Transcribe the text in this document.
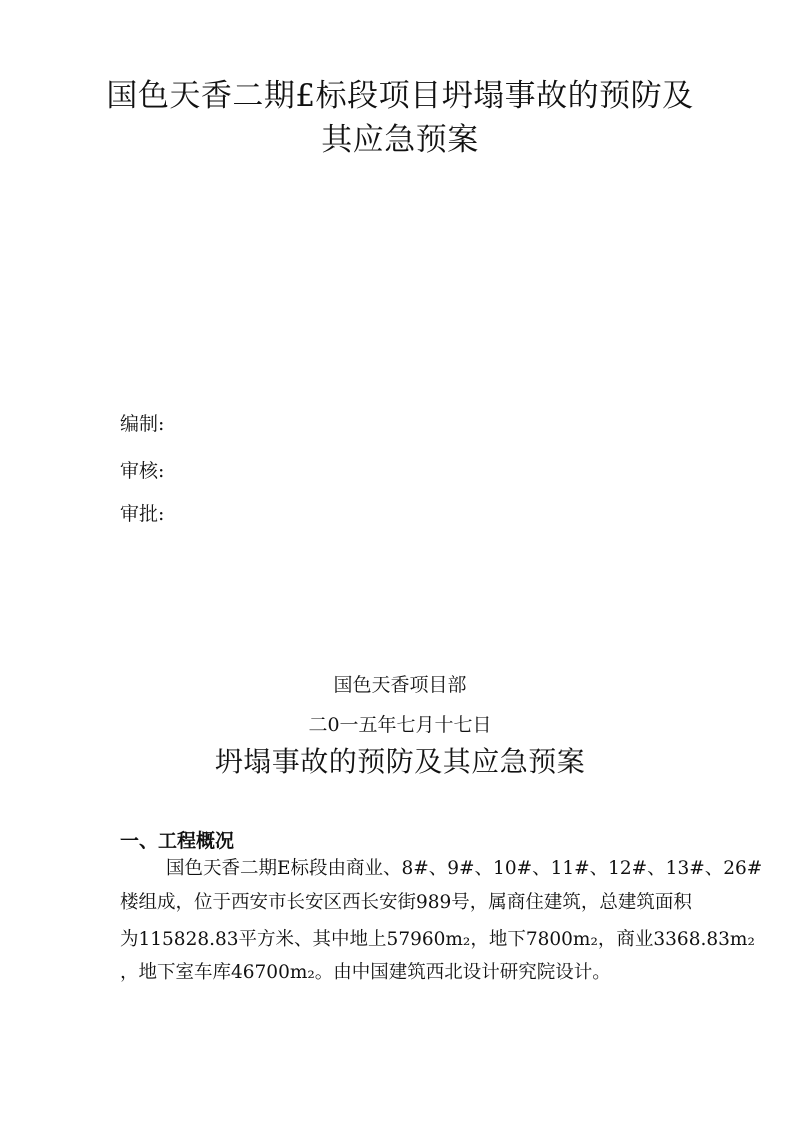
国色天香二期£标段项目坍塌事故的预防及
其应急预案
编制:
审核:
审批:
国色天香项目部
二0一五年七月十七日
坍塌事故的预防及其应急预案
一、工程概况
国色天香二期E标段由商业、8#、9#、10#、11#、12#、13#、26#
楼组成，位于西安市长安区西长安街989号，属商住建筑，总建筑面积
为115828.83平方米、其中地上57960m₂，地下7800m₂，商业3368.83m₂
，地下室车库46700m₂。由中国建筑西北设计研究院设计。
